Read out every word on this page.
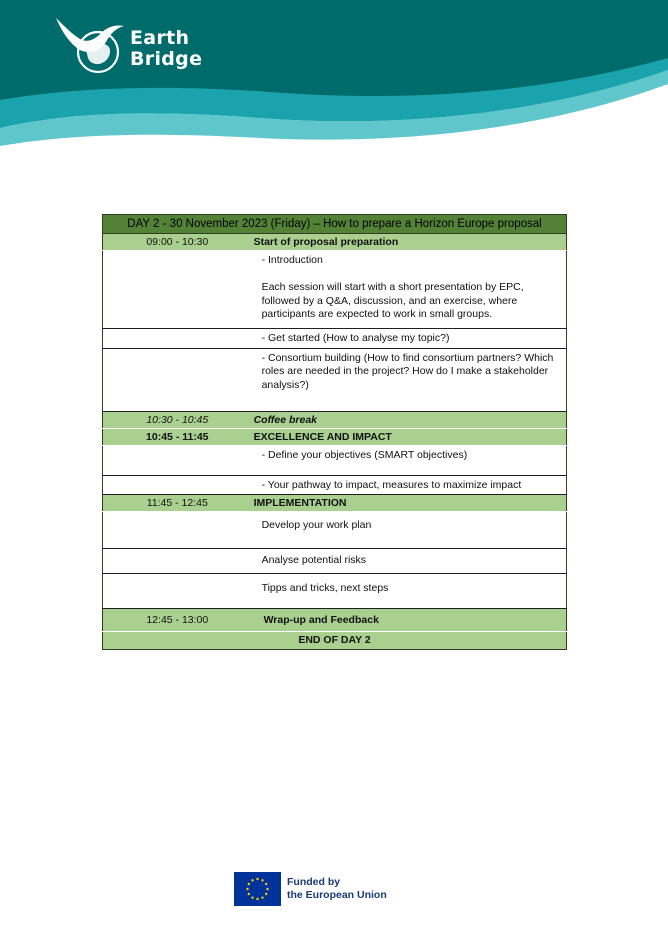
Earth
Bridge
DAY 2 - 30 November 2023 (Friday) – How to prepare a Horizon Europe proposal	
09:00 - 10:30	Start of proposal preparation
	- Introduction

Each session will start with a short presentation by EPC, followed by a Q&A, discussion, and an exercise, where participants are expected to work in small groups.
	- Get started (How to analyse my topic?)
	- Consortium building (How to find consortium partners? Which roles are needed in the project? How do I make a stakeholder analysis?)
10:30 - 10:45	Coffee break
10:45 - 11:45	EXCELLENCE AND IMPACT
	- Define your objectives (SMART objectives)
	- Your pathway to impact, measures to maximize impact
11:45 - 12:45	IMPLEMENTATION
	Develop your work plan
	Analyse potential risks
	Tipps and tricks, next steps
12:45 - 13:00	Wrap-up and Feedback
END OF DAY 2	
Funded by
the European Union
